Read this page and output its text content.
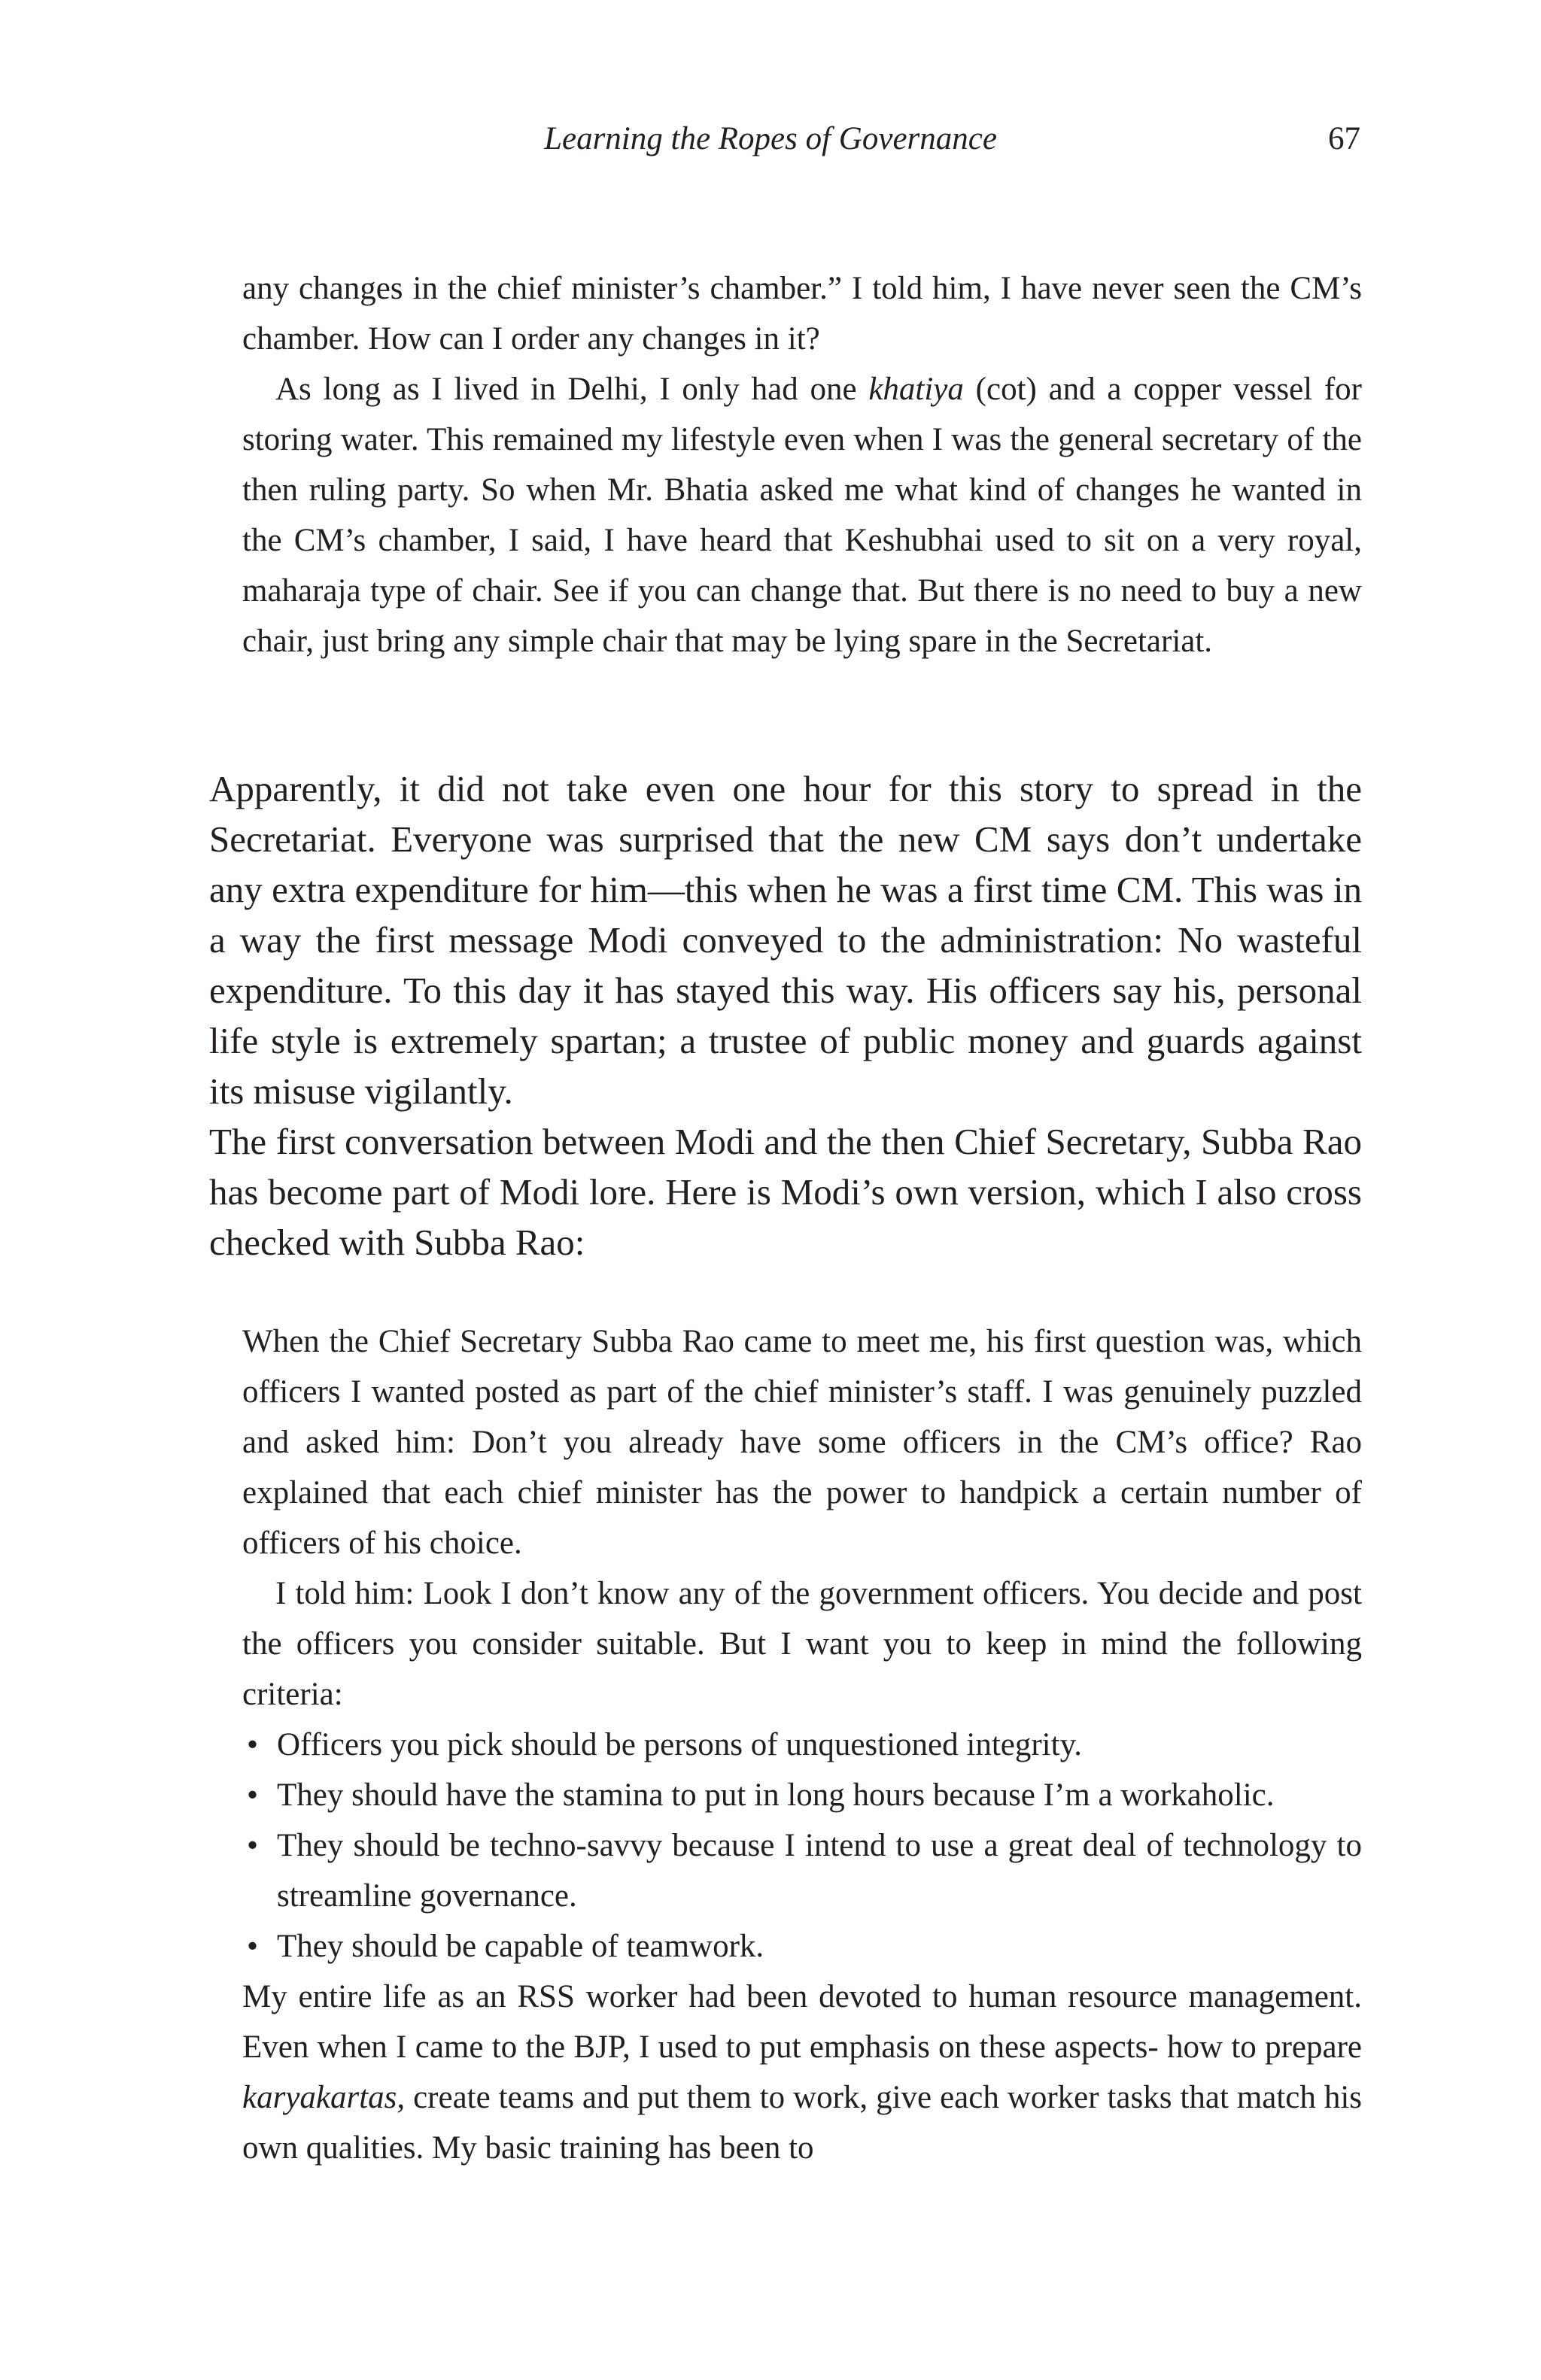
Learning the Ropes of Governance	67

any changes in the chief minister’s chamber.” I told him, I have never seen the CM’s chamber. How can I order any changes in it?

As long as I lived in Delhi, I only had one khatiya (cot) and a copper vessel for storing water. This remained my lifestyle even when I was the general secretary of the then ruling party. So when Mr. Bhatia asked me what kind of changes he wanted in the CM’s chamber, I said, I have heard that Keshubhai used to sit on a very royal, maharaja type of chair. See if you can change that. But there is no need to buy a new chair, just bring any simple chair that may be lying spare in the Secretariat.

Apparently, it did not take even one hour for this story to spread in the Secretariat. Everyone was surprised that the new CM says don’t undertake any extra expenditure for him—this when he was a first time CM. This was in a way the first message Modi conveyed to the administration: No wasteful expenditure. To this day it has stayed this way. His officers say his, personal life style is extremely spartan; a trustee of public money and guards against its misuse vigilantly.

The first conversation between Modi and the then Chief Secretary, Subba Rao has become part of Modi lore. Here is Modi’s own version, which I also cross checked with Subba Rao:

When the Chief Secretary Subba Rao came to meet me, his first question was, which officers I wanted posted as part of the chief minister’s staff. I was genuinely puzzled and asked him: Don’t you already have some officers in the CM’s office? Rao explained that each chief minister has the power to handpick a certain number of officers of his choice.

I told him: Look I don’t know any of the government officers. You decide and post the officers you consider suitable. But I want you to keep in mind the following criteria:

• Officers you pick should be persons of unquestioned integrity.
• They should have the stamina to put in long hours because I’m a workaholic.
• They should be techno-savvy because I intend to use a great deal of technology to streamline governance.
• They should be capable of teamwork.

My entire life as an RSS worker had been devoted to human resource management. Even when I came to the BJP, I used to put emphasis on these aspects- how to prepare karyakartas, create teams and put them to work, give each worker tasks that match his own qualities. My basic training has been to
